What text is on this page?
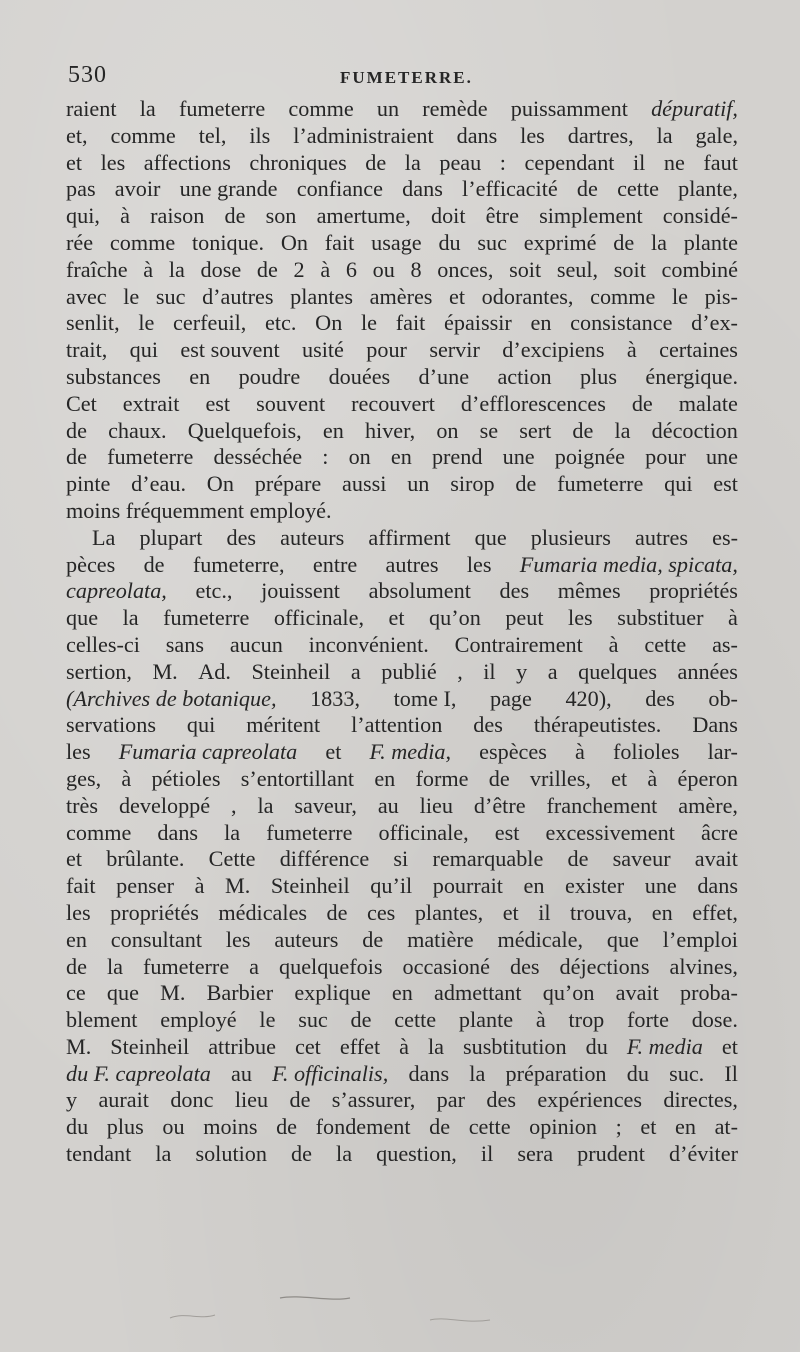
530	FUMETERRE.
raient la fumeterre comme un remède puissamment dépuratif,
et, comme tel, ils l’administraient dans les dartres, la gale,
et les affections chroniques de la peau : cependant il ne faut
pas avoir une grande confiance dans l’efficacité de cette plante,
qui, à raison de son amertume, doit être simplement considé-
rée comme tonique. On fait usage du suc exprimé de la plante
fraîche à la dose de 2 à 6 ou 8 onces, soit seul, soit combiné
avec le suc d’autres plantes amères et odorantes, comme le pis-
senlit, le cerfeuil, etc. On le fait épaissir en consistance d’ex-
trait, qui est souvent usité pour servir d’excipiens à certaines
substances en poudre douées d’une action plus énergique.
Cet extrait est souvent recouvert d’efflorescences de malate
de chaux. Quelquefois, en hiver, on se sert de la décoction
de fumeterre desséchée : on en prend une poignée pour une
pinte d’eau. On prépare aussi un sirop de fumeterre qui est
moins fréquemment employé.
La plupart des auteurs affirment que plusieurs autres es-
pèces de fumeterre, entre autres les Fumaria media, spicata,
capreolata, etc., jouissent absolument des mêmes propriétés
que la fumeterre officinale, et qu’on peut les substituer à
celles-ci sans aucun inconvénient. Contrairement à cette as-
sertion, M. Ad. Steinheil a publié , il y a quelques années
(Archives de botanique, 1833, tome I, page 420), des ob-
servations qui méritent l’attention des thérapeutistes. Dans
les Fumaria capreolata et F. media, espèces à folioles lar-
ges, à pétioles s’entortillant en forme de vrilles, et à éperon
très developpé , la saveur, au lieu d’être franchement amère,
comme dans la fumeterre officinale, est excessivement âcre
et brûlante. Cette différence si remarquable de saveur avait
fait penser à M. Steinheil qu’il pourrait en exister une dans
les propriétés médicales de ces plantes, et il trouva, en effet,
en consultant les auteurs de matière médicale, que l’emploi
de la fumeterre a quelquefois occasioné des déjections alvines,
ce que M. Barbier explique en admettant qu’on avait proba-
blement employé le suc de cette plante à trop forte dose.
M. Steinheil attribue cet effet à la susbtitution du F. media et
du F. capreolata au F. officinalis, dans la préparation du suc. Il
y aurait donc lieu de s’assurer, par des expériences directes,
du plus ou moins de fondement de cette opinion ; et en at-
tendant la solution de la question, il sera prudent d’éviter
